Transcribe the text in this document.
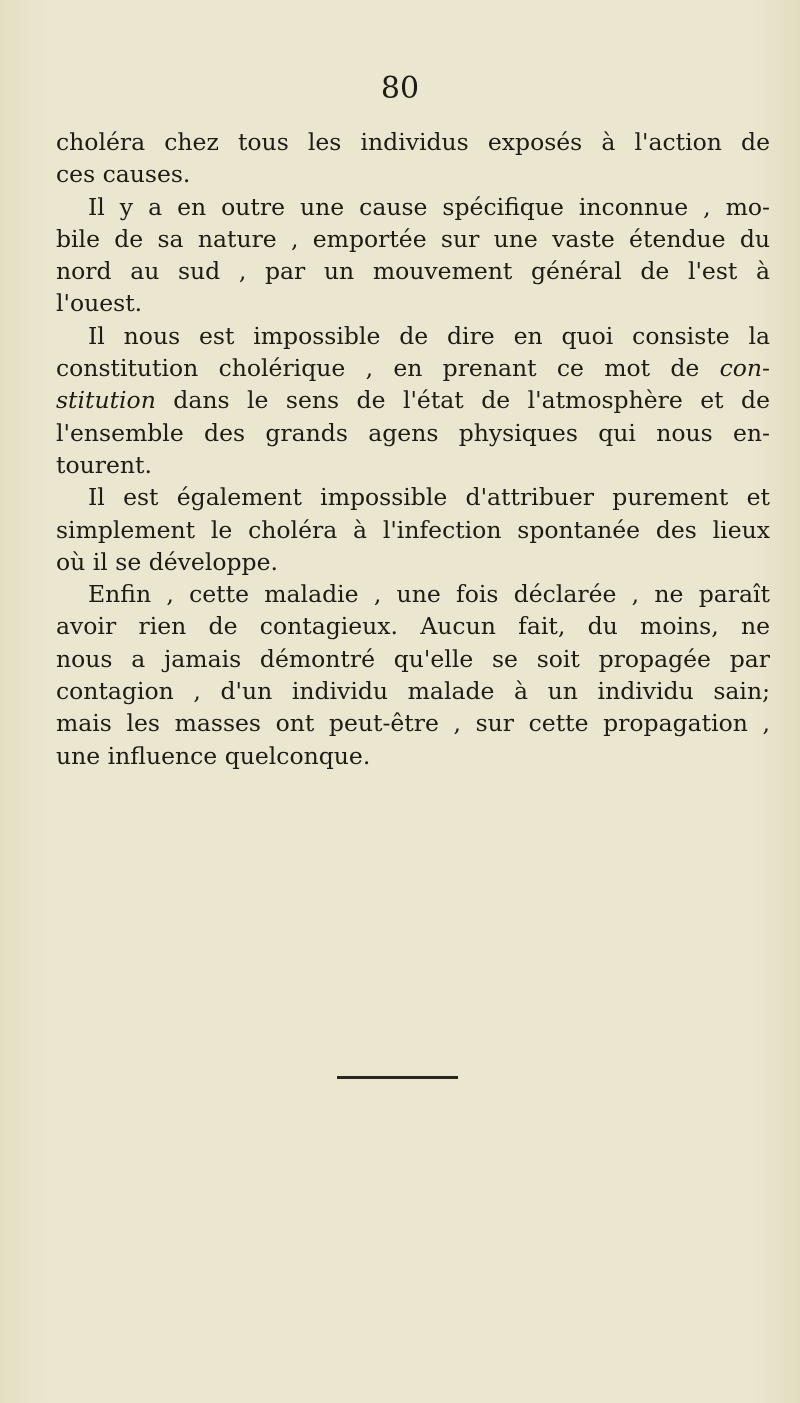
80
choléra chez tous les individus exposés à l'action de
ces causes.
Il y a en outre une cause spécifique inconnue , mo-
bile de sa nature , emportée sur une vaste étendue du
nord au sud , par un mouvement général de l'est à
l'ouest.
Il nous est impossible de dire en quoi consiste la
constitution cholérique , en prenant ce mot de con-
stitution dans le sens de l'état de l'atmosphère et de
l'ensemble des grands agens physiques qui nous en-
tourent.
Il est également impossible d'attribuer purement et
simplement le choléra à l'infection spontanée des lieux
où il se développe.
Enfin , cette maladie , une fois déclarée , ne paraît
avoir rien de contagieux. Aucun fait, du moins, ne
nous a jamais démontré qu'elle se soit propagée par
contagion , d'un individu malade à un individu sain;
mais les masses ont peut-être , sur cette propagation ,
une influence quelconque.
